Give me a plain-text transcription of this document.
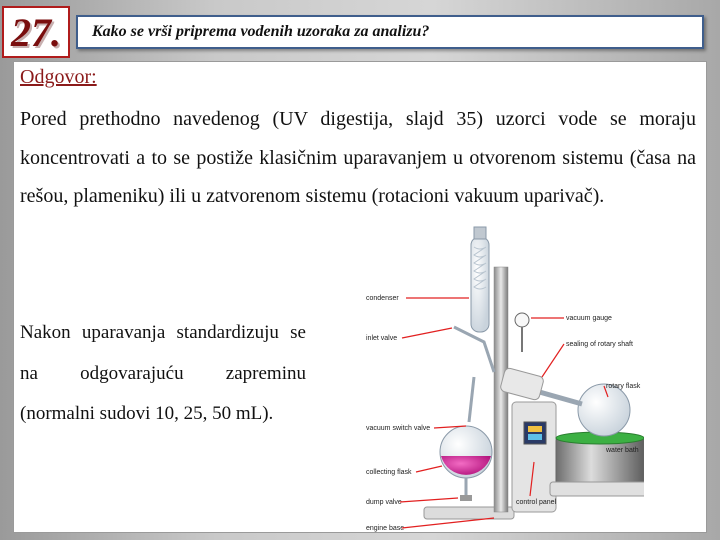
27. Kako se vrši priprema vodenih uzoraka za analizu?
Odgovor:
Pored prethodno navedenog (UV digestija, slajd 35) uzorci vode se moraju koncentrovati a to se postiže klasičnim uparavanjem u otvorenom sistemu (časa na rešou, plameniku) ili u zatvorenom sistemu (rotacioni vakuum uparivač).
Nakon uparavanja standardizuju se na odgovarajuću zapreminu (normalni sudovi 10, 25, 50 mL).
condenser
vacuum gauge
sealing of rotary shaft
inlet valve
rotary flask
vacuum switch valve
water bath
collecting flask
dump valve	control panel
engine base
